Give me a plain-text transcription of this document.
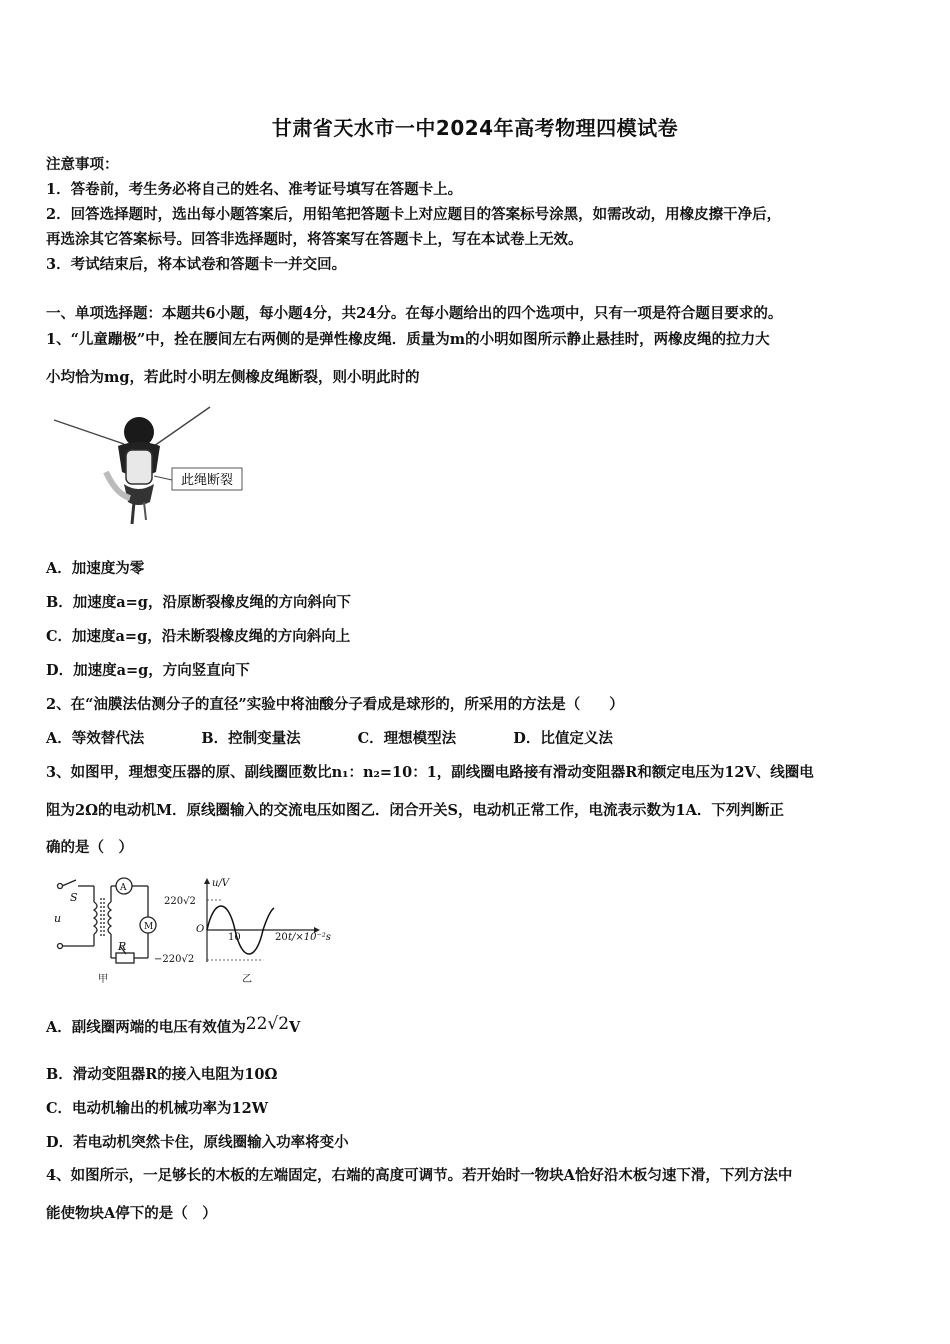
甘肃省天水市一中2024年高考物理四模试卷
注意事项：
1．答卷前，考生务必将自己的姓名、准考证号填写在答题卡上。
2．回答选择题时，选出每小题答案后，用铅笔把答题卡上对应题目的答案标号涂黑，如需改动，用橡皮擦干净后，
再选涂其它答案标号。回答非选择题时，将答案写在答题卡上，写在本试卷上无效。
3．考试结束后，将本试卷和答题卡一并交回。
一、单项选择题：本题共6小题，每小题4分，共24分。在每小题给出的四个选项中，只有一项是符合题目要求的。
1、“儿童蹦极”中，拴在腰间左右两侧的是弹性橡皮绳．质量为m的小明如图所示静止悬挂时，两橡皮绳的拉力大
小均恰为mg，若此时小明左侧橡皮绳断裂，则小明此时的
此绳断裂
A．加速度为零
B．加速度a=g，沿原断裂橡皮绳的方向斜向下
C．加速度a=g，沿未断裂橡皮绳的方向斜向上
D．加速度a=g，方向竖直向下
2、在“油膜法估测分子的直径”实验中将油酸分子看成是球形的，所采用的方法是（　　）
A．等效替代法	B．控制变量法	C．理想模型法	D．比值定义法
3、如图甲，理想变压器的原、副线圈匝数比n₁：n₂=10：1，副线圈电路接有滑动变阻器R和额定电压为12V、线圈电
阻为2Ω的电动机M．原线圈输入的交流电压如图乙．闭合开关S，电动机正常工作，电流表示数为1A．下列判断正
确的是（　）
S
u
A
M
R
甲
u/V
220√2
−220√2
O
10	20 t/×10⁻²s
乙
A．副线圈两端的电压有效值为22√2V
B．滑动变阻器R的接入电阻为10Ω
C．电动机输出的机械功率为12W
D．若电动机突然卡住，原线圈输入功率将变小
4、如图所示，一足够长的木板的左端固定，右端的高度可调节。若开始时一物块A恰好沿木板匀速下滑，下列方法中
能使物块A停下的是（　）
